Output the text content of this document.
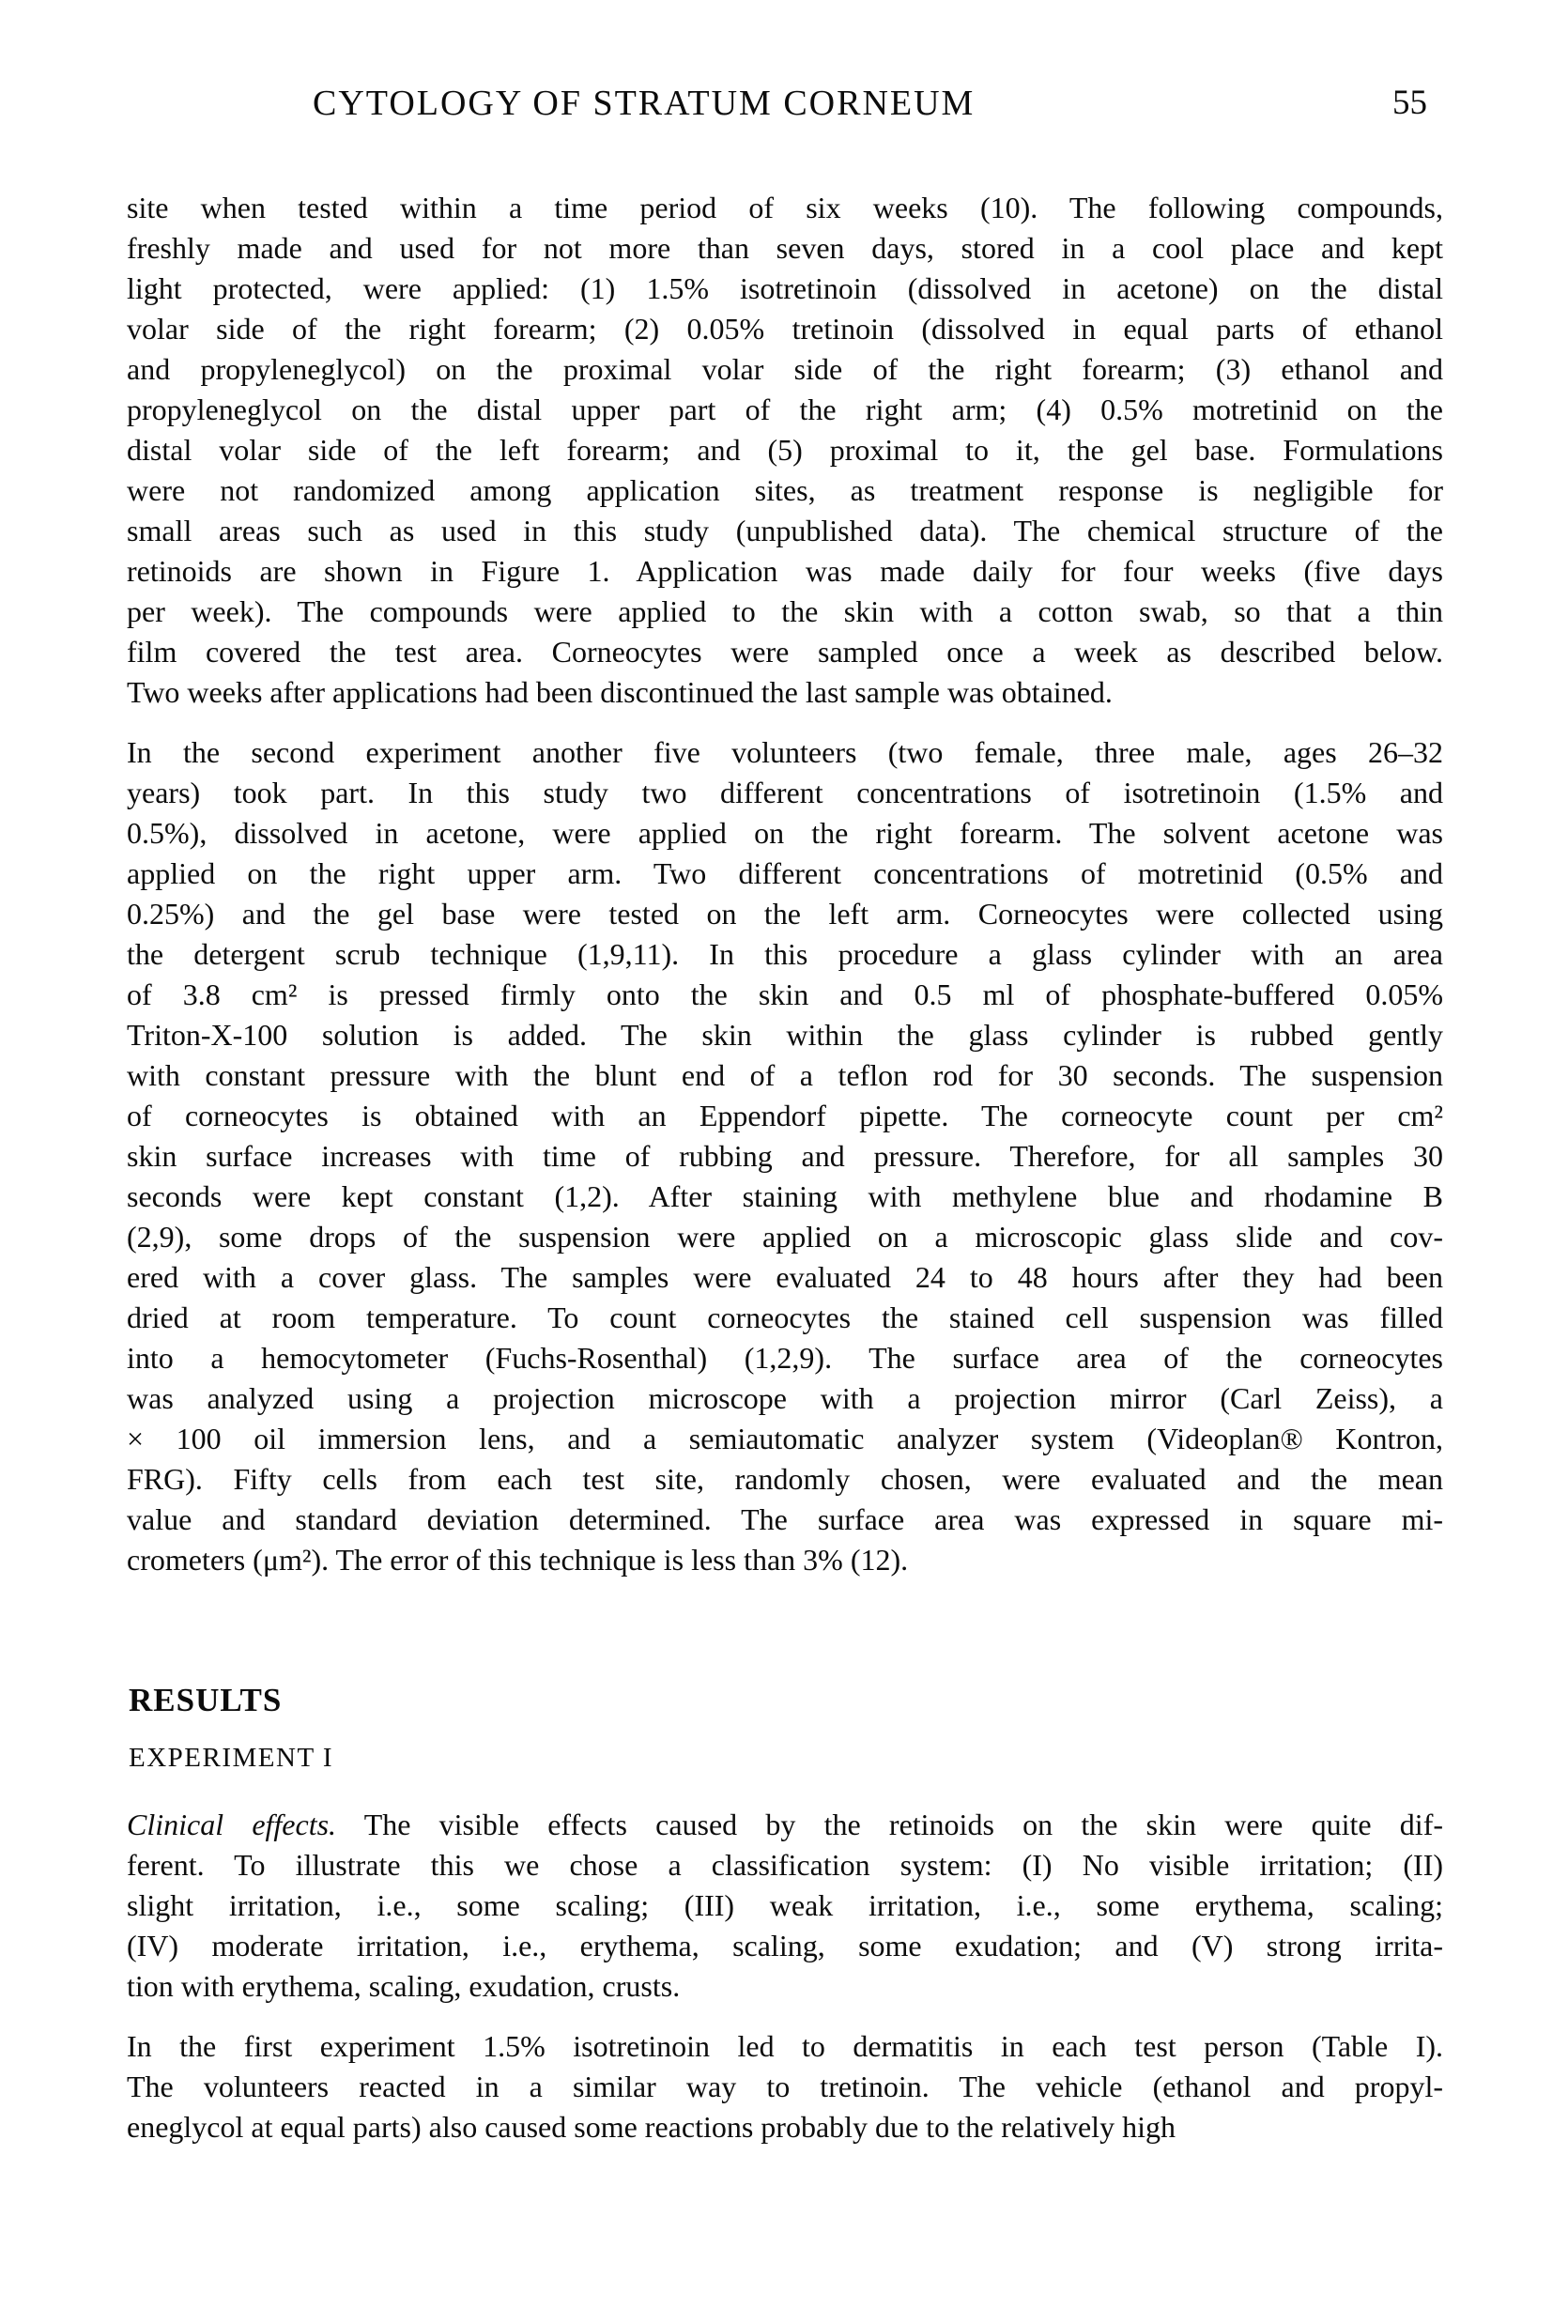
CYTOLOGY OF STRATUM CORNEUM	55
site when tested within a time period of six weeks (10). The following compounds,
freshly made and used for not more than seven days, stored in a cool place and kept
light protected, were applied: (1) 1.5% isotretinoin (dissolved in acetone) on the distal
volar side of the right forearm; (2) 0.05% tretinoin (dissolved in equal parts of ethanol
and propyleneglycol) on the proximal volar side of the right forearm; (3) ethanol and
propyleneglycol on the distal upper part of the right arm; (4) 0.5% motretinid on the
distal volar side of the left forearm; and (5) proximal to it, the gel base. Formulations
were not randomized among application sites, as treatment response is negligible for
small areas such as used in this study (unpublished data). The chemical structure of the
retinoids are shown in Figure 1. Application was made daily for four weeks (five days
per week). The compounds were applied to the skin with a cotton swab, so that a thin
film covered the test area. Corneocytes were sampled once a week as described below.
Two weeks after applications had been discontinued the last sample was obtained.
In the second experiment another five volunteers (two female, three male, ages 26–32
years) took part. In this study two different concentrations of isotretinoin (1.5% and
0.5%), dissolved in acetone, were applied on the right forearm. The solvent acetone was
applied on the right upper arm. Two different concentrations of motretinid (0.5% and
0.25%) and the gel base were tested on the left arm. Corneocytes were collected using
the detergent scrub technique (1,9,11). In this procedure a glass cylinder with an area
of 3.8 cm² is pressed firmly onto the skin and 0.5 ml of phosphate-buffered 0.05%
Triton-X-100 solution is added. The skin within the glass cylinder is rubbed gently
with constant pressure with the blunt end of a teflon rod for 30 seconds. The suspension
of corneocytes is obtained with an Eppendorf pipette. The corneocyte count per cm²
skin surface increases with time of rubbing and pressure. Therefore, for all samples 30
seconds were kept constant (1,2). After staining with methylene blue and rhodamine B
(2,9), some drops of the suspension were applied on a microscopic glass slide and cov-
ered with a cover glass. The samples were evaluated 24 to 48 hours after they had been
dried at room temperature. To count corneocytes the stained cell suspension was filled
into a hemocytometer (Fuchs-Rosenthal) (1,2,9). The surface area of the corneocytes
was analyzed using a projection microscope with a projection mirror (Carl Zeiss), a
× 100 oil immersion lens, and a semiautomatic analyzer system (Videoplan® Kontron,
FRG). Fifty cells from each test site, randomly chosen, were evaluated and the mean
value and standard deviation determined. The surface area was expressed in square mi-
crometers (μm²). The error of this technique is less than 3% (12).
RESULTS
EXPERIMENT I
Clinical effects. The visible effects caused by the retinoids on the skin were quite dif-
ferent. To illustrate this we chose a classification system: (I) No visible irritation; (II)
slight irritation, i.e., some scaling; (III) weak irritation, i.e., some erythema, scaling;
(IV) moderate irritation, i.e., erythema, scaling, some exudation; and (V) strong irrita-
tion with erythema, scaling, exudation, crusts.
In the first experiment 1.5% isotretinoin led to dermatitis in each test person (Table I).
The volunteers reacted in a similar way to tretinoin. The vehicle (ethanol and propyl-
eneglycol at equal parts) also caused some reactions probably due to the relatively high
